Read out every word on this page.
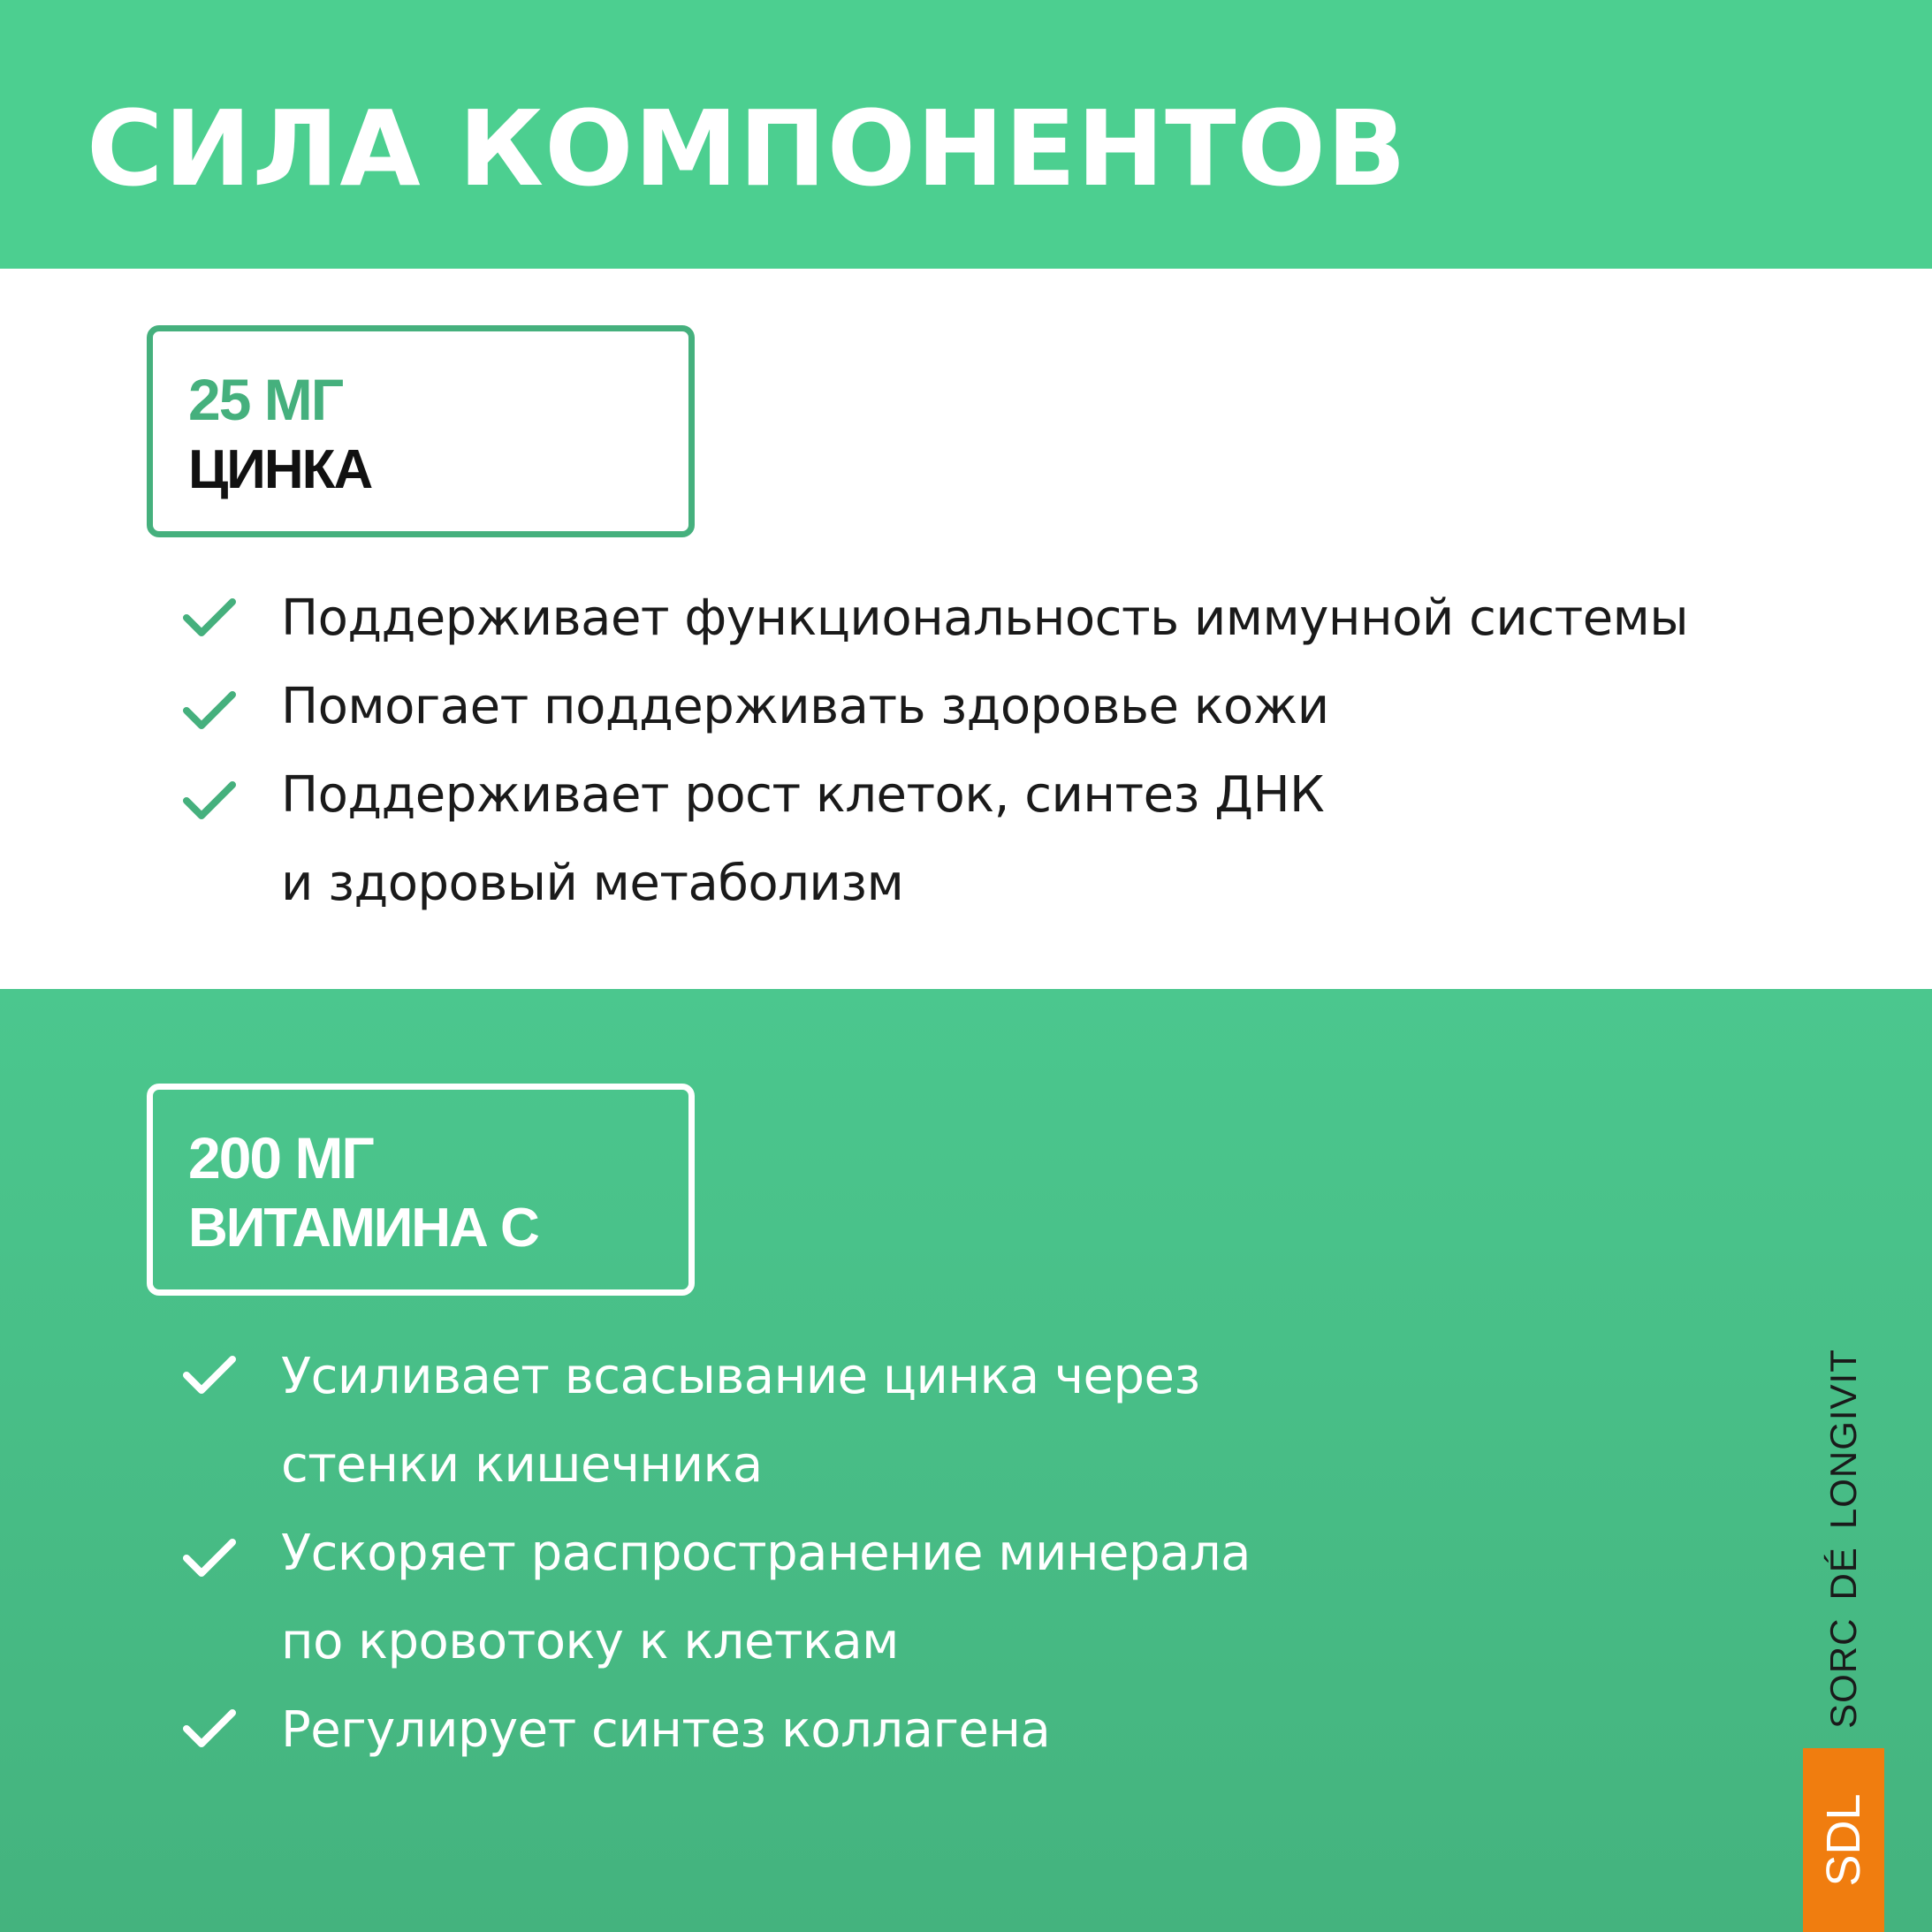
СИЛА КОМПОНЕНТОВ
25 МГ
ЦИНКА
Поддерживает функциональность иммунной системы
Помогает поддерживать здоровье кожи
Поддерживает рост клеток, синтез ДНК
и здоровый метаболизм
200 МГ
ВИТАМИНА С
Усиливает всасывание цинка через
стенки кишечника
Ускоряет распространение минерала
по кровотоку к клеткам
Регулирует синтез коллагена
SORCDÉLONGIVIT
SDL
